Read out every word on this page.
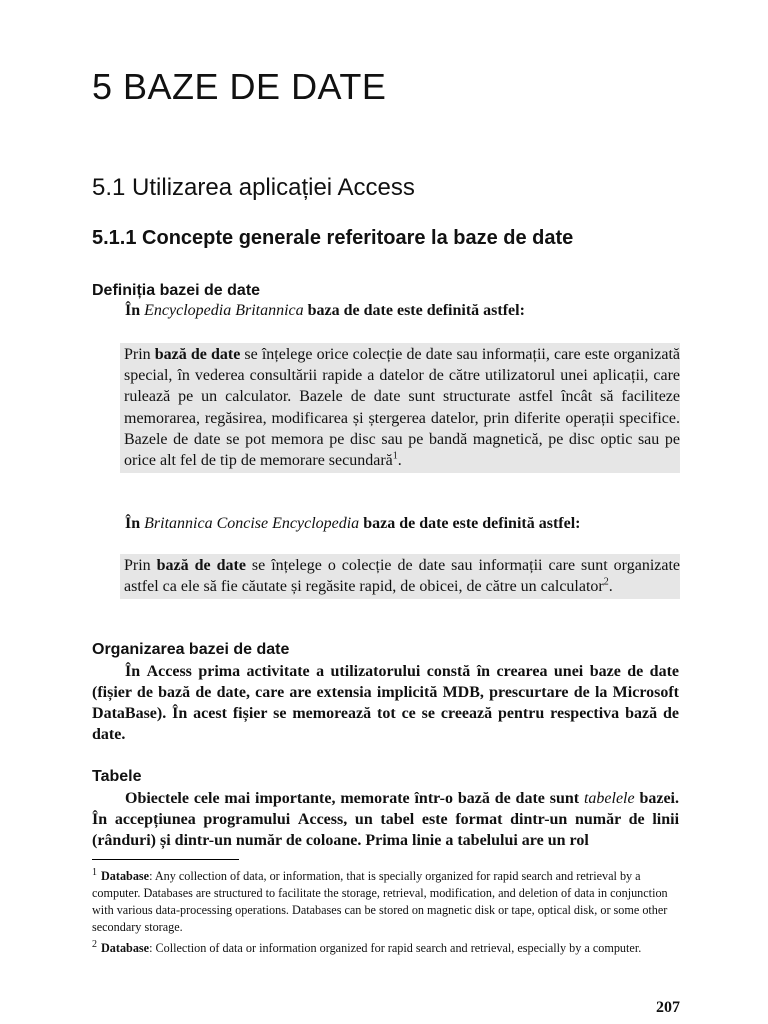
5 BAZE DE DATE
5.1 Utilizarea aplicației Access
5.1.1 Concepte generale referitoare la baze de date
Definiția bazei de date
În Encyclopedia Britannica baza de date este definită astfel:
Prin bază de date se înțelege orice colecție de date sau informații, care este organizată special, în vederea consultării rapide a datelor de către utilizatorul unei aplicații, care rulează pe un calculator. Bazele de date sunt structurate astfel încât să faciliteze memorarea, regăsirea, modificarea și ștergerea datelor, prin diferite operații specifice. Bazele de date se pot memora pe disc sau pe bandă magnetică, pe disc optic sau pe orice alt fel de tip de memorare secundară$^1$.
În Britannica Concise Encyclopedia baza de date este definită astfel:
Prin bază de date se înțelege o colecție de date sau informații care sunt organizate astfel ca ele să fie căutate și regăsite rapid, de obicei, de către un calculator$^2$.
Organizarea bazei de date
În Access prima activitate a utilizatorului constă în crearea unei baze de date (fișier de bază de date, care are extensia implicită MDB, prescurtare de la Microsoft DataBase). În acest fișier se memorează tot ce se creează pentru respectiva bază de date.
Tabele
Obiectele cele mai importante, memorate într-o bază de date sunt tabelele bazei. În accepțiunea programului Access, un tabel este format dintr-un număr de linii (rânduri) și dintr-un număr de coloane. Prima linie a tabelului are un rol
$^1$ Database: Any collection of data, or information, that is specially organized for rapid search and retrieval by a computer. Databases are structured to facilitate the storage, retrieval, modification, and deletion of data in conjunction with various data-processing operations. Databases can be stored on magnetic disk or tape, optical disk, or some other secondary storage.
$^2$ Database: Collection of data or information organized for rapid search and retrieval, especially by a computer.
207
